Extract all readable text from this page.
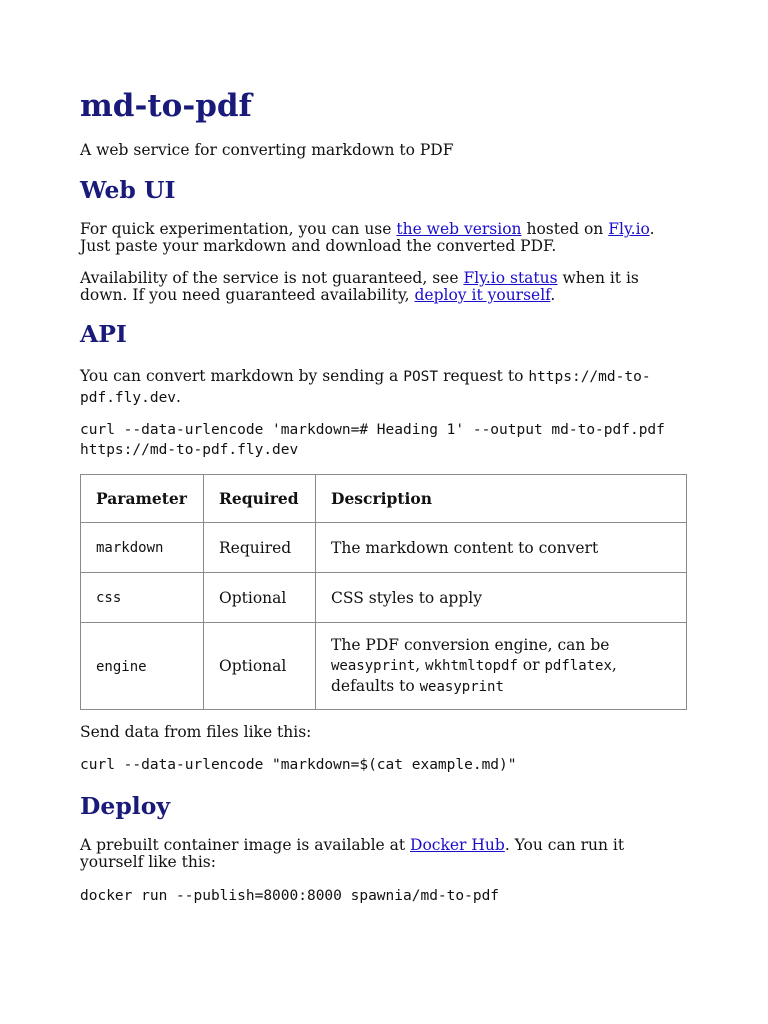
md-to-pdf

A web service for converting markdown to PDF

Web UI

For quick experimentation, you can use the web version hosted on Fly.io. Just paste your markdown and download the converted PDF.

Availability of the service is not guaranteed, see Fly.io status when it is down. If you need guaranteed availability, deploy it yourself.

API

You can convert markdown by sending a POST request to https://md-to-pdf.fly.dev.

curl --data-urlencode 'markdown=# Heading 1' --output md-to-pdf.pdf https://md-to-pdf.fly.dev
Parameter	Required	Description
markdown	Required	The markdown content to convert
css	Optional	CSS styles to apply
engine	Optional	The PDF conversion engine, can be weasyprint, wkhtmltopdf or pdflatex, defaults to weasyprint

Send data from files like this:

curl --data-urlencode "markdown=$(cat example.md)"
Deploy

A prebuilt container image is available at Docker Hub. You can run it yourself like this:

docker run --publish=8000:8000 spawnia/md-to-pdf
